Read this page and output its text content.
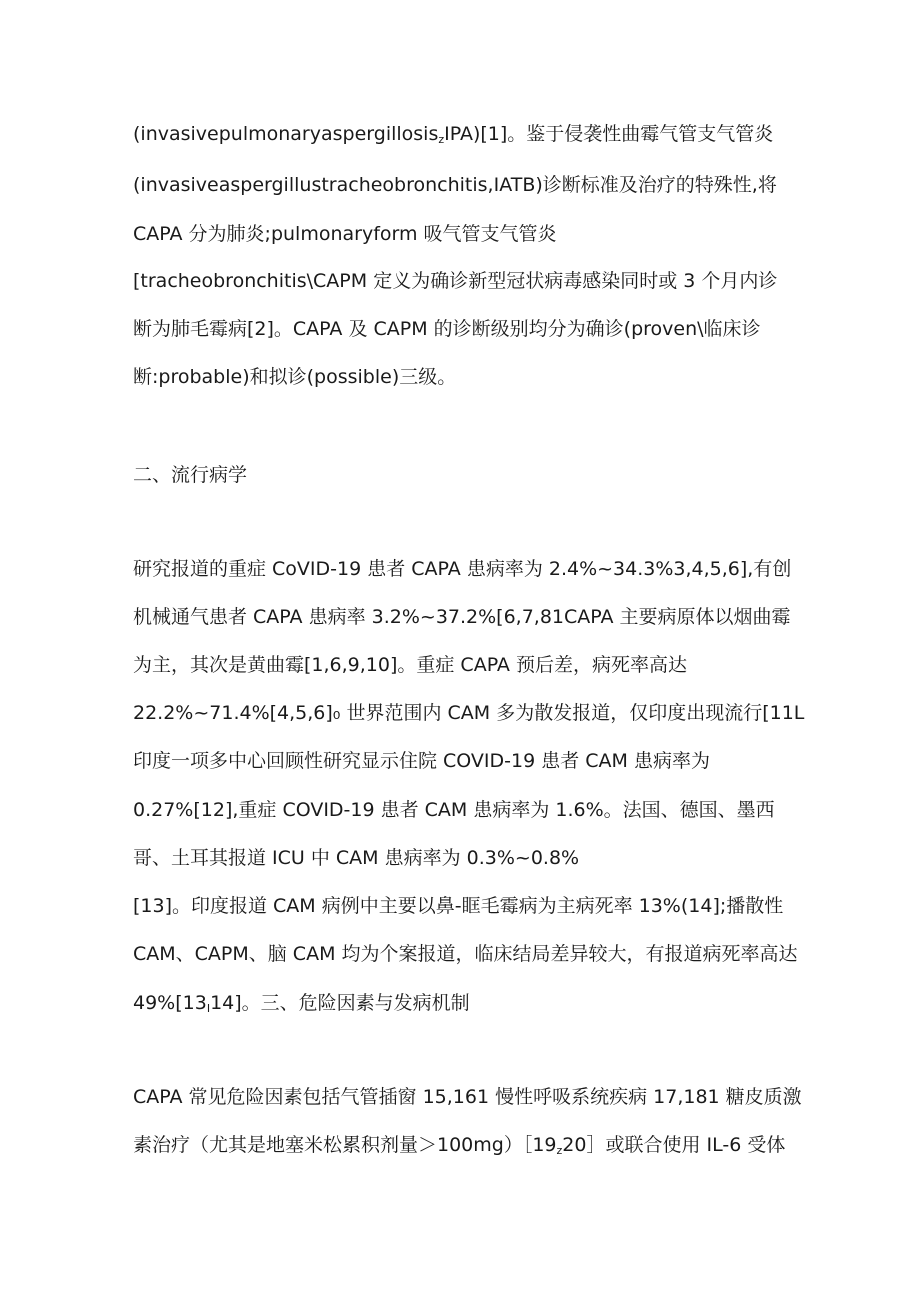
(invasivepulmonaryaspergillosis$_z$IPA)[1]。鉴于侵袭性曲霉气管支气管炎
(invasiveaspergillustracheobronchitis,IATB)诊断标准及治疗的特殊性,将
CAPA 分为肺炎;pulmonaryform 吸气管支气管炎
[tracheobronchitis\CAPM 定义为确诊新型冠状病毒感染同时或 3 个月内诊
断为肺毛霉病[2]。CAPA 及 CAPM 的诊断级别均分为确诊(proven\临床诊
断:probable)和拟诊(possible)三级。
二、流行病学
研究报道的重症 CoVID-19 患者 CAPA 患病率为 2.4%~34.3%3,4,5,6],有创
机械通气患者 CAPA 患病率 3.2%~37.2%[6,7,81CAPA 主要病原体以烟曲霉
为主，其次是黄曲霉[1,6,9,10]。重症 CAPA 预后差，病死率高达
22.2%~71.4%[4,5,6]₀ 世界范围内 CAM 多为散发报道，仅印度出现流行[11L
印度一项多中心回顾性研究显示住院 COVID-19 患者 CAM 患病率为
0.27%[12],重症 COVID-19 患者 CAM 患病率为 1.6%。法国、德国、墨西
哥、土耳其报道 ICU 中 CAM 患病率为 0.3%~0.8%
[13]。印度报道 CAM 病例中主要以鼻-眶毛霉病为主病死率 13%(14];播散性
CAM、CAPM、脑 CAM 均为个案报道，临床结局差异较大，有报道病死率高达
$49\%[13_I14]$。三、危险因素与发病机制
CAPA 常见危险因素包括气管插窗 15,161 慢性呼吸系统疾病 17,181 糖皮质激
素治疗（尤其是地塞米松累积剂量$>100mg)[19_z20]$或联合使用 IL-6 受体
